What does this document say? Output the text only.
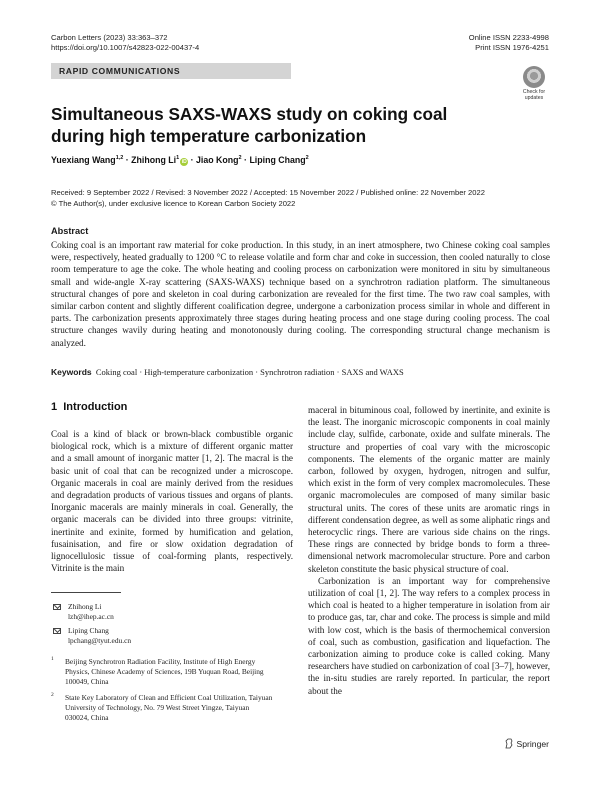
Carbon Letters (2023) 33:363–372
https://doi.org/10.1007/s42823-022-00437-4
Online ISSN 2233-4998
Print ISSN 1976-4251
RAPID COMMUNICATIONS
Check for updates
Simultaneous SAXS-WAXS study on coking coal during high temperature carbonization
Yuexiang Wang$^{1,2}$ · Zhihong $Li^1iD$ · Jiao Kong$^2$ · Liping Chang$^2$
Received: 9 September 2022 / Revised: 3 November 2022 / Accepted: 15 November 2022 / Published online: 22 November 2022
© The Author(s), under exclusive licence to Korean Carbon Society 2022
Abstract
Coking coal is an important raw material for coke production. In this study, in an inert atmosphere, two Chinese coking coal samples were, respectively, heated gradually to 1200 °C to release volatile and form char and coke in succession, then cooled naturally to close room temperature to age the coke. The whole heating and cooling process on carbonization were monitored in situ by simultaneous small and wide-angle X-ray scattering (SAXS-WAXS) technique based on a synchrotron radiation platform. The simultaneous structural changes of pore and skeleton in coal during carbonization are revealed for the first time. The two raw coal samples, with similar carbon content and slightly different coalification degree, undergone a carbonization process similar in whole and different in parts. The carbonization presents approximately three stages during heating process and one stage during cooling process. The coal structure changes wavily during heating and monotonously during cooling. The corresponding structural change mechanism is analyzed.
Keywords Coking coal · High-temperature carbonization · Synchrotron radiation · SAXS and WAXS
1 Introduction

Coal is a kind of black or brown-black combustible organic biological rock, which is a mixture of different organic matter and a small amount of inorganic matter [1, 2]. The macral is the basic unit of coal that can be recognized under a microscope. Organic macerals in coal are mainly derived from the residues and degradation products of various tissues and organs of plants. Inorganic macerals are mainly minerals in coal. Generally, the organic macerals can be divided into three groups: vitrinite, inertinite and exinite, formed by humification and gelation, fusainisation, and fire or slow oxidation degradation of lignocellulosic tissue of coal-forming plants, respectively. Vitrinite is the main

maceral in bituminous coal, followed by inertinite, and exinite is the least. The inorganic microscopic components in coal mainly include clay, sulfide, carbonate, oxide and sulfate minerals. The structure and properties of coal vary with the microscopic components. The elements of the organic matter are mainly carbon, followed by oxygen, hydrogen, nitrogen and sulfur, which exist in the form of very complex macromolecules. These organic macromolecules are composed of many similar basic structural units. The cores of these units are aromatic rings in different condensation degree, as well as some aliphatic rings and heterocyclic rings. There are various side chains on the rings. These rings are connected by bridge bonds to form a three-dimensional network macromolecular structure. Pore and carbon skeleton constitute the basic physical structure of coal.

Carbonization is an important way for comprehensive utilization of coal [1, 2]. The way refers to a complex process in which coal is heated to a higher temperature in isolation from air to produce gas, tar, char and coke. The process is simple and mild with low cost, which is the basis of thermochemical conversion of coal, such as combustion, gasification and liquefaction. The carbonization aiming to produce coke is called coking. Many researchers have studied on carbonization of coal [3–7], however, the in-situ studies are rarely reported. In particular, the report about the

Zhihong Li
lzh@ihep.ac.cn
Liping Chang
lpchang@tyut.edu.cn
1	Beijing Synchrotron Radiation Facility, Institute of High Energy Physics, Chinese Academy of Sciences, 19B Yuquan Road, Beijing 100049, China
2	State Key Laboratory of Clean and Efficient Coal Utilization, Taiyuan University of Technology, No. 79 West Street Yingze, Taiyuan 030024, China
Springer
